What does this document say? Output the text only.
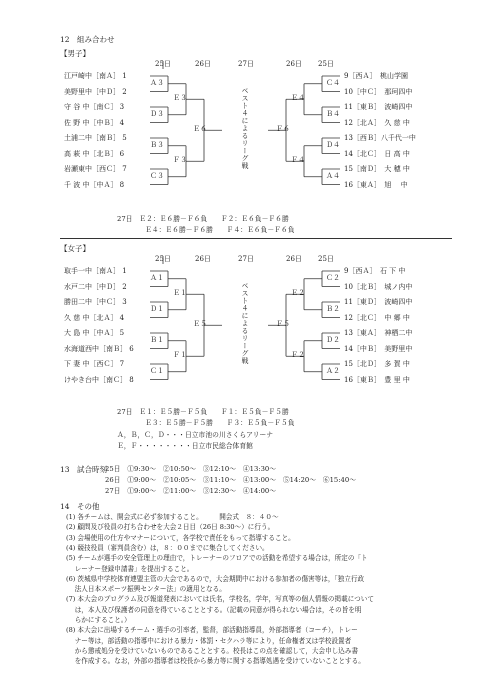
12　組み合わせ
【男子】
25日	26日	27日	26日 25日
江戸崎中［南Ａ］ 1
美野里中［中Ｄ］ 2
守 谷 中［南Ｃ］ 3
佐 野 中［中Ｂ］ 4
土浦二中［南Ｂ］ 5
高 萩 中［北Ｂ］ 6
岩瀬東中［西Ｃ］ 7
千 波 中［中Ａ］ 8
9［西Ａ］　桃山学園
10［中Ｃ］　那珂四中
11［東Ｂ］　波崎四中
12［北Ａ］　久 慈 中
13［西Ｂ］八千代一中
14［北Ｃ］　日 高 中
15［南Ｄ］　大 穂 中
16［東Ａ］　旭　 中
Ａ３
Ｄ３
Ｂ３
Ｃ３
Ｅ３
Ｆ３
Ｅ６
Ｃ４
Ｂ４
Ｄ４
Ａ４
Ｅ４
Ｆ４
Ｆ６
ベスト４によるリーグ戦
27日　Ｅ２：Ｅ６勝－Ｆ６負　　Ｆ２：Ｅ６負－Ｆ６勝
Ｅ４：Ｅ６勝－Ｆ６勝　　Ｆ４：Ｅ６負－Ｆ６負
【女子】
25日	26日	27日	26日 25日
取手一中［南Ａ］ 1
水戸二中［中Ｄ］ 2
勝田二中［中Ｃ］ 3
久 慈 中［北Ａ］ 4
大 島 中［中Ａ］ 5
水海道西中［南Ｂ］ 6
下 妻 中［西Ｃ］ 7
けやき台中［南Ｃ］ 8
9［西Ａ］　石 下 中
10［北Ｂ］　城ノ内中
11［東Ｄ］　波崎四中
12［北Ｃ］　中 郷 中
13［東Ａ］　神栖二中
14［中Ｂ］　美野里中
15［北Ｄ］　多 賀 中
16［東Ｂ］　豊 里 中
Ａ１
Ｄ１
Ｂ１
Ｃ１
Ｅ１
Ｆ１
Ｅ５
Ｃ２
Ｂ２
Ｄ２
Ａ２
Ｅ２
Ｆ２
Ｆ５
ベスト４によるリーグ戦
27日　Ｅ１：Ｅ５勝－Ｆ５負　　Ｆ１：Ｅ５負－Ｆ５勝
Ｅ３：Ｅ５勝－Ｆ５勝　　Ｆ３：Ｅ５負－Ｆ５負
Ａ，Ｂ，Ｃ，Ｄ・・・日立市池の川さくらアリーナ
Ｅ，Ｆ・・・・・・・・日立市民総合体育館
13　試合時刻
25日　①9:30～　②10:50～　③12:10～　④13:30～
26日　①9:00～　②10:05～　③11:10～　④13:00～　⑤14:20～　⑥15:40～
27日　①9:00～　②11:00～　③12:30～　④14:00～
14　その他
(1) 各チームは、開会式に必ず参加すること。　　　開会式　８：４０～
(2) 顧問及び役員の打ち合わせを大会２日目（26日 8:30～）に行う。
(3) 会場使用の仕方やマナーについて，各学校で責任をもって指導すること。
(4) 競技役員（審判員含む）は，８：００までに集合してください。
(5) チームが選手の安全管理上の理由で，トレーナーのフロアでの活動を希望する場合は，所定の「ト
　 レーナー登録申請書」を提出すること。
(6) 茨城県中学校体育連盟主管の大会であるので，大会期間中における参加者の傷害等は，「独立行政
　 法人日本スポーツ振興センター法」の適用となる。
(7) 本大会のプログラム及び報道発表においては氏名，学校名，学年，写真等の個人情報の掲載について
　 は，本人及び保護者の同意を得ていることとする。（記載の同意が得られない場合は，その旨を明
　 らかにすること。）
(8) 本大会に出場するチーム・選手の引率者，監督，部活動指導員，外部指導者（コーチ），トレー
　 ナー等は，部活動の指導中における暴力・体罰・セクハラ等により，任命権者又は学校設置者
　 から懲戒処分を受けていないものであることとする。校長はこの点を確認して，大会申し込み書
　 を作成する。なお，外部の指導者は校長から暴力等に関する指導処遇を受けていないこととする。
